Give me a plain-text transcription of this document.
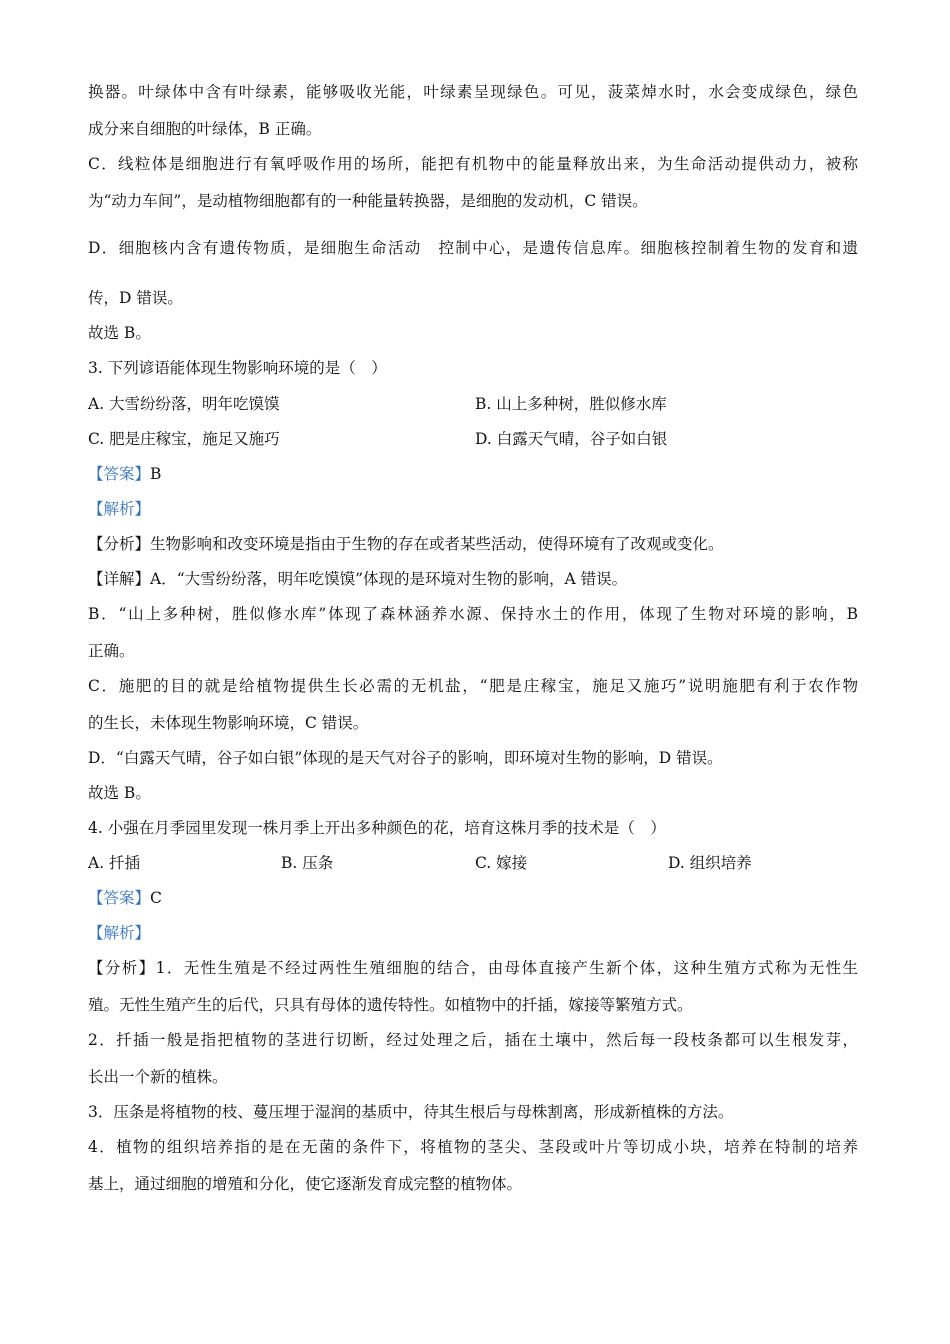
换器。叶绿体中含有叶绿素，能够吸收光能，叶绿素呈现绿色。可见，菠菜焯水时，水会变成绿色，绿色
成分来自细胞的叶绿体，B 正确。
C．线粒体是细胞进行有氧呼吸作用的场所，能把有机物中的能量释放出来，为生命活动提供动力，被称
为“动力车间”，是动植物细胞都有的一种能量转换器，是细胞的发动机，C 错误。
D．细胞核内含有遗传物质，是细胞生命活动　控制中心，是遗传信息库。细胞核控制着生物的发育和遗
传，D 错误。
故选 B。
3. 下列谚语能体现生物影响环境的是（　）
A. 大雪纷纷落，明年吃馍馍	B. 山上多种树，胜似修水库
C. 肥是庄稼宝，施足又施巧	D. 白露天气晴，谷子如白银
【答案】B
【解析】
【分析】生物影响和改变环境是指由于生物的存在或者某些活动，使得环境有了改观或变化。
【详解】A．“大雪纷纷落，明年吃馍馍”体现的是环境对生物的影响，A 错误。
B．“山上多种树，胜似修水库”体现了森林涵养水源、保持水土的作用，体现了生物对环境的影响，B
正确。
C．施肥的目的就是给植物提供生长必需的无机盐，“肥是庄稼宝，施足又施巧”说明施肥有利于农作物
的生长，未体现生物影响环境，C 错误。
D．“白露天气晴，谷子如白银”体现的是天气对谷子的影响，即环境对生物的影响，D 错误。
故选 B。
4. 小强在月季园里发现一株月季上开出多种颜色的花，培育这株月季的技术是（　）
A. 扦插	B. 压条	C. 嫁接	D. 组织培养
【答案】C
【解析】
【分析】1．无性生殖是不经过两性生殖细胞的结合，由母体直接产生新个体，这种生殖方式称为无性生
殖。无性生殖产生的后代，只具有母体的遗传特性。如植物中的扦插，嫁接等繁殖方式。
2．扦插一般是指把植物的茎进行切断，经过处理之后，插在土壤中，然后每一段枝条都可以生根发芽，
长出一个新的植株。
3．压条是将植物的枝、蔓压埋于湿润的基质中，待其生根后与母株割离，形成新植株的方法。
4．植物的组织培养指的是在无菌的条件下，将植物的茎尖、茎段或叶片等切成小块，培养在特制的培养
基上，通过细胞的增殖和分化，使它逐渐发育成完整的植物体。
